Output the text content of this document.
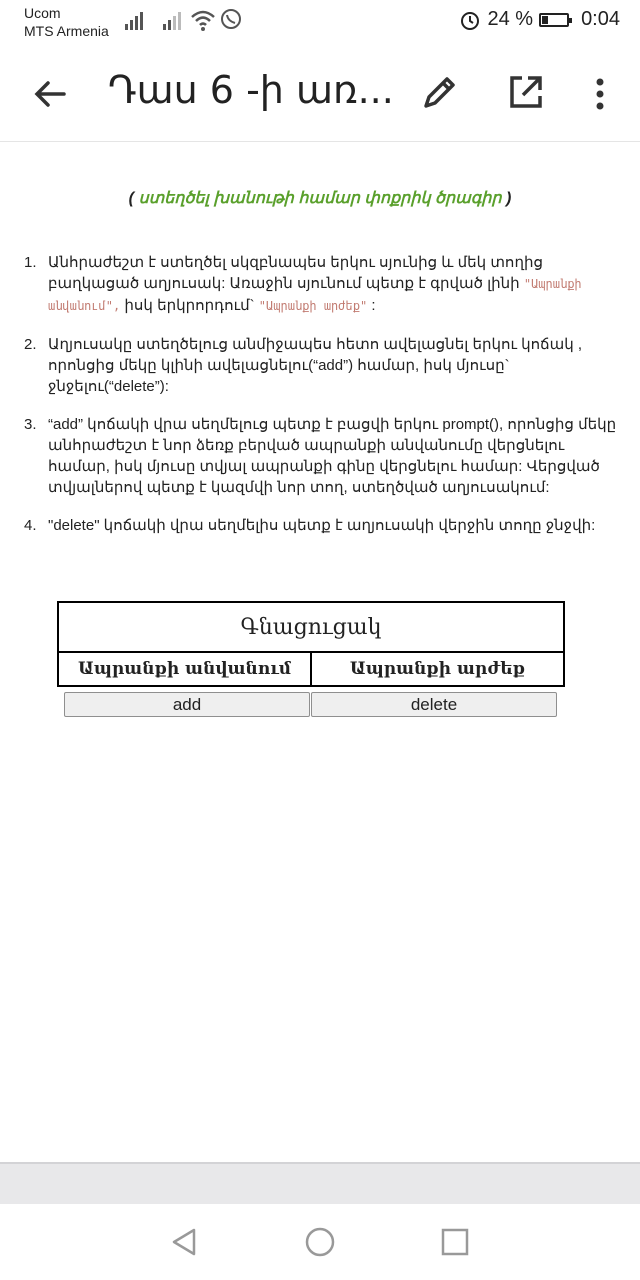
Ucom
MTS Armenia
24 % 0:04
Դաս 6 -ի առ...
( ստեղծել խանութի համար փոքրիկ ծրագիր )
1. Անհրաժեշտ է ստեղծել սկզբնապես երկու սյունից և մեկ տողից բաղկացած աղյուսակ: Առաջին սյունում պետք է գրված լինի "Ապրանքի անվանում", իսկ երկրորդում` "Ապրանքի արժեք" :
2. Աղյուսակը ստեղծելուց անմիջապես հետո ավելացնել երկու կոճակ , որոնցից մեկը կլինի ավելացնելու(“add”) համար, իսկ մյուսը` ջնջելու(“delete”):
3. “add” կոճակի վրա սեղմելուց պետք է բացվի երկու prompt(), որոնցից մեկը անհրաժեշտ է նոր ձեռք բերված ապրանքի անվանումը վերցնելու համար, իսկ մյուսը տվյալ ապրանքի գինը վերցնելու համար: Վերցված տվյալներով պետք է կազմվի նոր տող, ստեղծված աղյուսակում:
4. "delete" կոճակի վրա սեղմելիս պետք է աղյուսակի վերջին տողը ջնջվի:
Գնացուցակ
Ապրանքի անվանում	Ապրանքի արժեք
add	delete
